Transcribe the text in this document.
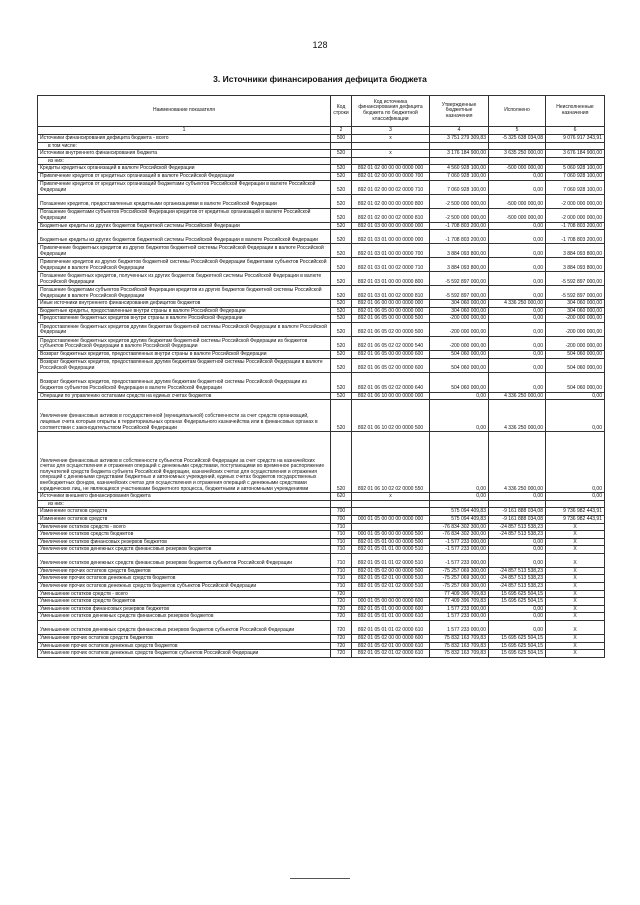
128
3. Источники финансирования дефицита бюджета
Наименование показателя	Код строки	Код источника финансирования дефицита бюджета по бюджетной классификации	Утвержденные бюджетные назначения	Исполнено	Неисполненные назначения
1	2	3	4	5	6
Источники финансирования дефицита бюджета - всего	500	x	3 751 279 309,83	-5 325 638 034,08	9 076 917 343,91
в том числе:					
Источники внутреннего финансирования бюджета	520	x	3 176 184 900,00	3 635 250 000,00	3 676 184 900,00
из них:					
Кредиты кредитных организаций в валюте Российской Федерации	520	892 01 02 00 00 00 0000 000	4 560 928 100,00	-500 000 000,00	5 060 928 100,00
Привлечение кредитов от кредитных организаций в валюте Российской Федерации	520	892 01 02 00 00 00 0000 700	7 060 928 100,00	0,00	7 060 928 100,00
Привлечение кредитов от кредитных организаций бюджетами субъектов Российской Федерации в валюте Российской Федерации	520	892 01 02 00 00 02 0000 710	7 060 928 100,00	0,00	7 060 928 100,00
Погашение кредитов, предоставленных кредитными организациями в валюте Российской Федерации	520	892 01 02 00 00 00 0000 800	-2 500 000 000,00	-500 000 000,00	-2 000 000 000,00
Погашение бюджетами субъектов Российской Федерации кредитов от кредитных организаций в валюте Российской Федерации	520	892 01 02 00 00 02 0000 810	-2 500 000 000,00	-500 000 000,00	-2 000 000 000,00
Бюджетные кредиты из других бюджетов бюджетной системы Российской Федерации	520	892 01 03 00 00 00 0000 000	-1 708 803 200,00	0,00	-1 708 803 200,00
Бюджетные кредиты из других бюджетов бюджетной системы Российской Федерации в валюте Российской Федерации	520	892 01 03 01 00 00 0000 000	-1 708 803 200,00	0,00	-1 708 803 200,00
Привлечение бюджетных кредитов из других бюджетов бюджетной системы Российской Федерации в валюте Российской Федерации	520	892 01 03 01 00 00 0000 700	3 884 093 800,00	0,00	3 884 093 800,00
Привлечение кредитов из других бюджетов бюджетной системы Российской Федерации бюджетами субъектов Российской Федерации в валюте Российской Федерации	520	892 01 03 01 00 02 0000 710	3 884 093 800,00	0,00	3 884 093 800,00
Погашение бюджетных кредитов, полученных из других бюджетов бюджетной системы Российской Федерации в валюте Российской Федерации	520	892 01 03 01 00 00 0000 800	-5 592 897 000,00	0,00	-5 592 897 000,00
Погашение бюджетами субъектов Российской Федерации кредитов из других бюджетов бюджетной системы Российской Федерации в валюте Российской Федерации	520	892 01 03 01 00 02 0000 810	-5 592 897 000,00	0,00	-5 592 897 000,00
Иные источники внутреннего финансирования дефицитов бюджетов	520	892 01 06 00 00 00 0000 000	304 060 000,00	4 336 250 000,00	304 060 000,00
Бюджетные кредиты, предоставленные внутри страны в валюте Российской Федерации	520	892 01 06 05 00 00 0000 000	304 060 000,00	0,00	304 060 000,00
Предоставление бюджетных кредитов внутри страны в валюте Российской Федерации	520	892 01 06 05 00 00 0000 500	-200 000 000,00	0,00	-200 000 000,00
Предоставление бюджетных кредитов другим бюджетам бюджетной системы Российской Федерации в валюте Российской Федерации	520	892 01 06 05 02 00 0000 500	-200 000 000,00	0,00	-200 000 000,00
Предоставление бюджетных кредитов другим бюджетам бюджетной системы Российской Федерации из бюджетов субъектов Российской Федерации в валюте Российской Федерации	520	892 01 06 05 02 02 0000 540	-200 000 000,00	0,00	-200 000 000,00
Возврат бюджетных кредитов, предоставленных внутри страны в валюте Российской Федерации	520	892 01 06 05 00 00 0000 600	504 060 000,00	0,00	504 060 000,00
Возврат бюджетных кредитов, предоставленных другим бюджетам бюджетной системы Российской Федерации в валюте Российской Федерации	520	892 01 06 05 02 00 0000 600	504 060 000,00	0,00	504 060 000,00
Возврат бюджетных кредитов, предоставленных другим бюджетам бюджетной системы Российской Федерации из бюджетов субъектов Российской Федерации в валюте Российской Федерации	520	892 01 06 05 02 02 0000 640	504 060 000,00	0,00	504 060 000,00
Операции по управлению остатками средств на единых счетах бюджетов	520	892 01 06 10 00 00 0000 000	0,00	4 336 250 000,00	0,00
Увеличение финансовых активов в государственной (муниципальной) собственности за счет средств организаций, лицевые счета которым открыты в территориальных органах Федерального казначейства или в финансовых органах в соответствии с законодательством Российской Федерации	520	892 01 06 10 02 00 0000 500	0,00	4 336 250 000,00	0,00
Увеличение финансовых активов в собственности субъектов Российской Федерации за счет средств на казначейских счетах для осуществления и отражения операций с денежными средствами, поступающими во временное распоряжение получателей средств бюджета субъекта Российской Федерации, казначейских счетах для осуществления и отражения операций с денежными средствами бюджетных и автономных учреждений, единых счетах бюджетов государственных внебюджетных фондов, казначейских счетах для осуществления и отражения операций с денежными средствами юридических лиц, не являющихся участниками бюджетного процесса, бюджетными и автономными учреждениями	520	892 01 06 10 02 02 0000 550	0,00	4 336 250 000,00	0,00
Источники внешнего финансирования бюджета	620	x	0,00	0,00	0,00
из них:					
Изменение остатков средств	700		575 094 409,83	-9 161 888 034,08	9 736 982 443,91
Изменение остатков средств	700	000 01 05 00 00 00 0000 000	575 094 409,83	-9 161 888 034,08	9 736 982 443,91
Увеличение остатков средств - всего	710		-76 834 302 300,00	-24 857 513 538,23	X
Увеличение остатков средств бюджетов	710	000 01 05 00 00 00 0000 500	-76 834 302 300,00	-24 857 513 538,23	X
Увеличение остатков финансовых резервов бюджетов	710	892 01 05 01 00 00 0000 500	-1 577 233 000,00	0,00	X
Увеличение остатков денежных средств финансовых резервов бюджетов	710	892 01 05 01 01 00 0000 510	-1 577 233 000,00	0,00	X
Увеличение остатков денежных средств финансовых резервов бюджетов субъектов Российской Федерации	710	892 01 05 01 01 02 0000 510	-1 577 233 000,00	0,00	X
Увеличение прочих остатков средств бюджетов	710	892 01 05 02 00 00 0000 500	-75 257 069 300,00	-24 857 513 538,23	X
Увеличение прочих остатков денежных средств бюджетов	710	892 01 05 02 01 00 0000 510	-75 257 069 300,00	-24 857 513 538,23	X
Увеличение прочих остатков денежных средств бюджетов субъектов Российской Федерации	710	892 01 05 02 01 02 0000 510	-75 257 069 300,00	-24 857 513 538,23	X
Уменьшение остатков средств - всего	720		77 409 396 709,83	15 695 625 504,15	X
Уменьшение остатков средств бюджетов	720	000 01 05 00 00 00 0000 600	77 409 396 709,83	15 695 625 504,15	X
Уменьшение остатков финансовых резервов бюджетов	720	892 01 05 01 00 00 0000 600	1 577 233 000,00	0,00	X
Уменьшение остатков денежных средств финансовых резервов бюджетов	720	892 01 05 01 01 00 0000 610	1 577 233 000,00	0,00	X
Уменьшение остатков денежных средств финансовых резервов бюджетов субъектов Российской Федерации	720	892 01 05 01 01 02 0000 610	1 577 233 000,00	0,00	X
Уменьшение прочих остатков средств бюджетов	720	892 01 05 02 00 00 0000 600	75 832 163 709,83	15 695 625 504,15	X
Уменьшение прочих остатков денежных средств бюджетов	720	892 01 05 02 01 00 0000 610	75 832 163 709,83	15 695 625 504,15	X
Уменьшение прочих остатков денежных средств бюджетов субъектов Российской Федерации	720	892 01 05 02 01 02 0000 610	75 832 163 709,83	15 695 625 504,15	X
